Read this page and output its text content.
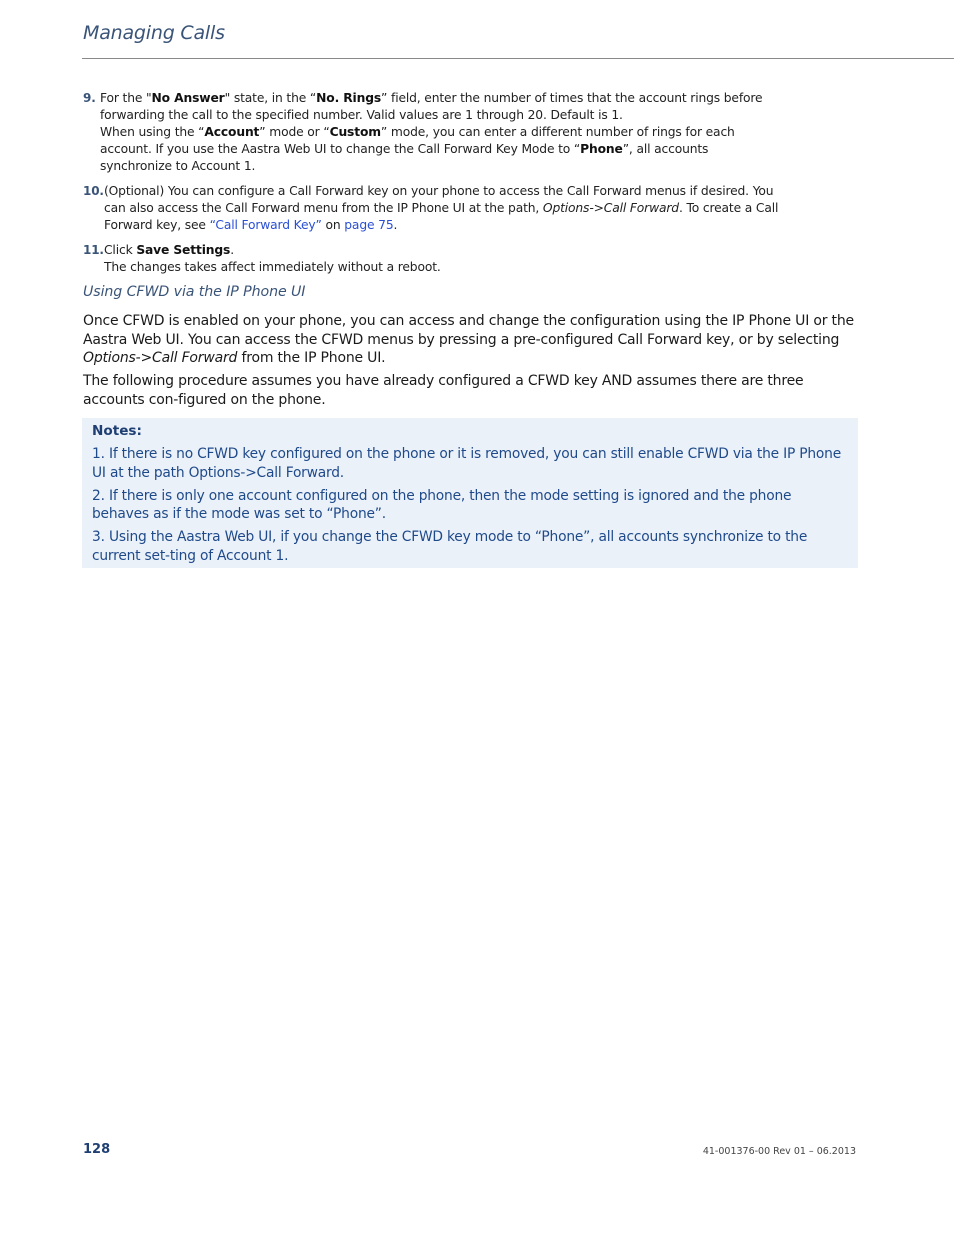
Managing Calls
9. For the "No Answer" state, in the “No. Rings” field, enter the number of times that the account rings before forwarding the call to the specified number. Valid values are 1 through 20. Default is 1.

When using the “Account” mode or “Custom” mode, you can enter a different number of rings for each account. If you use the Aastra Web UI to change the Call Forward Key Mode to “Phone”, all accounts synchronize to Account 1.

10. (Optional) You can configure a Call Forward key on your phone to access the Call Forward menus if desired. You can also access the Call Forward menu from the IP Phone UI at the path, Options->Call Forward. To create a Call Forward key, see “Call Forward Key” on page 75.

11. Click Save Settings.

The changes takes affect immediately without a reboot.

Using CFWD via the IP Phone UI

Once CFWD is enabled on your phone, you can access and change the configuration using the IP Phone UI or the Aastra Web UI. You can access the CFWD menus by pressing a pre-configured Call Forward key, or by selecting Options->Call Forward from the IP Phone UI.

The following procedure assumes you have already configured a CFWD key AND assumes there are three accounts con-figured on the phone.

Notes:

1. If there is no CFWD key configured on the phone or it is removed, you can still enable CFWD via the IP Phone UI at the path Options->Call Forward.

2. If there is only one account configured on the phone, then the mode setting is ignored and the phone behaves as if the mode was set to “Phone”.

3. Using the Aastra Web UI, if you change the CFWD key mode to “Phone”, all accounts synchronize to the current set-ting of Account 1.

128	41-001376-00 Rev 01 – 06.2013
